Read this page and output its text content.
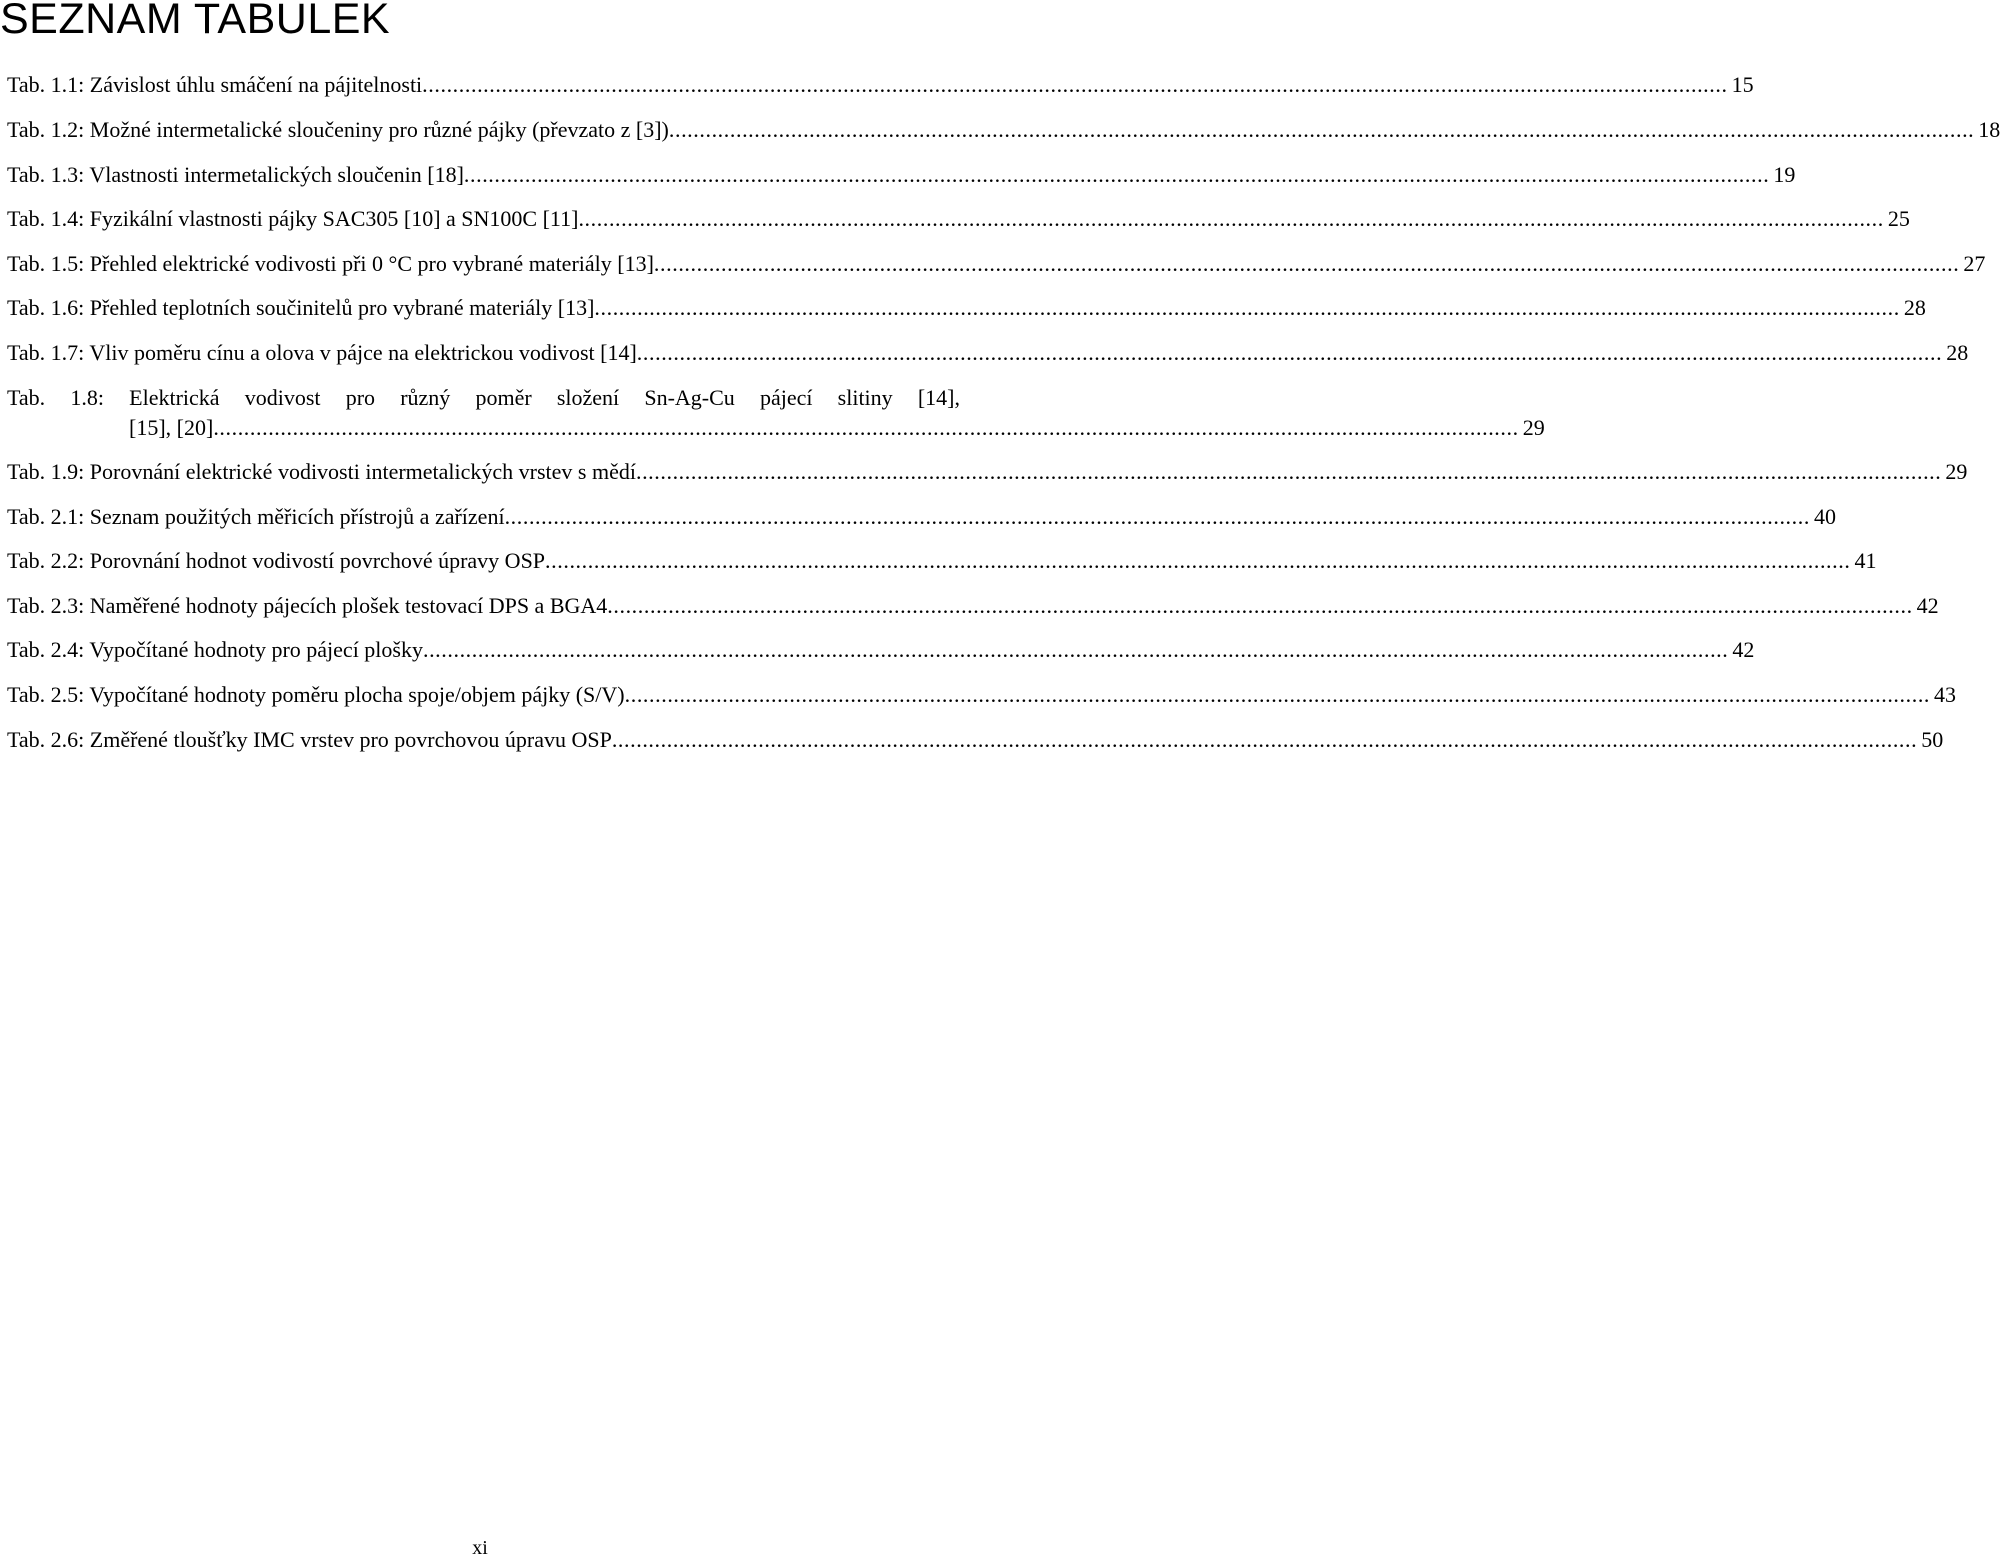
SEZNAM TABULEK
Tab. 1.1: Závislost úhlu smáčení na pájitelnosti .....	15
Tab. 1.2: Možné intermetalické sloučeniny pro různé pájky (převzato z [3]) .....	18
Tab. 1.3: Vlastnosti intermetalických sloučenin [18] .....	19
Tab. 1.4: Fyzikální vlastnosti pájky SAC305 [10] a SN100C [11] .....	25
Tab. 1.5: Přehled elektrické vodivosti při 0 °C pro vybrané materiály [13] .....	27
Tab. 1.6: Přehled teplotních součinitelů pro vybrané materiály [13] .....	28
Tab. 1.7: Vliv poměru cínu a olova v pájce na elektrickou vodivost [14] .....	28
Tab. 1.8: Elektrická vodivost pro různý poměr složení Sn-Ag-Cu pájecí slitiny [14],
[15], [20] .....	29
Tab. 1.9: Porovnání elektrické vodivosti intermetalických vrstev s mědí .....	29
Tab. 2.1: Seznam použitých měřicích přístrojů a zařízení .....	40
Tab. 2.2: Porovnání hodnot vodivostí povrchové úpravy OSP .....	41
Tab. 2.3: Naměřené hodnoty pájecích plošek testovací DPS a BGA4 .....	42
Tab. 2.4: Vypočítané hodnoty pro pájecí plošky .....	42
Tab. 2.5: Vypočítané hodnoty poměru plocha spoje/objem pájky (S/V) .....	43
Tab. 2.6: Změřené tloušťky IMC vrstev pro povrchovou úpravu OSP .....	50
xi
